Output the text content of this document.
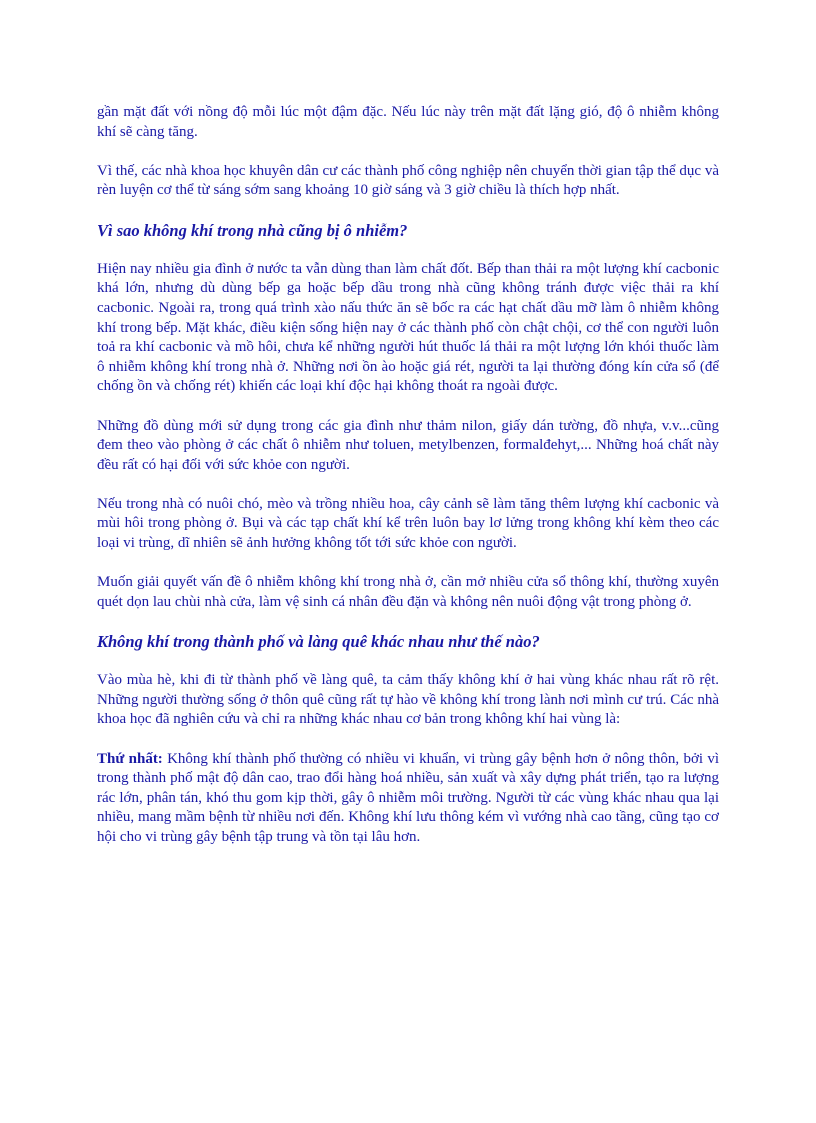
gần mặt đất với nồng độ mỗi lúc một đậm đặc. Nếu lúc này trên mặt đất lặng gió, độ ô nhiễm không khí sẽ càng tăng.

Vì thế, các nhà khoa học khuyên dân cư các thành phố công nghiệp nên chuyển thời gian tập thể dục và rèn luyện cơ thể từ sáng sớm sang khoảng 10 giờ sáng và 3 giờ chiều là thích hợp nhất.

Vì sao không khí trong nhà cũng bị ô nhiễm?

Hiện nay nhiều gia đình ở nước ta vẫn dùng than làm chất đốt. Bếp than thải ra một lượng khí cacbonic khá lớn, nhưng dù dùng bếp ga hoặc bếp dầu trong nhà cũng không tránh được việc thải ra khí cacbonic. Ngoài ra, trong quá trình xào nấu thức ăn sẽ bốc ra các hạt chất dầu mỡ làm ô nhiễm không khí trong bếp. Mặt khác, điều kiện sống hiện nay ở các thành phố còn chật chội, cơ thể con người luôn toả ra khí cacbonic và mồ hôi, chưa kể những người hút thuốc lá thải ra một lượng lớn khói thuốc làm ô nhiễm không khí trong nhà ở. Những nơi ồn ào hoặc giá rét, người ta lại thường đóng kín cửa sổ (để chống ồn và chống rét) khiến các loại khí độc hại không thoát ra ngoài được.

Những đồ dùng mới sử dụng trong các gia đình như thảm nilon, giấy dán tường, đồ nhựa, v.v...cũng đem theo vào phòng ở các chất ô nhiễm như toluen, metylbenzen, formalđehyt,... Những hoá chất này đều rất có hại đối với sức khỏe con người.

Nếu trong nhà có nuôi chó, mèo và trồng nhiều hoa, cây cảnh sẽ làm tăng thêm lượng khí cacbonic và mùi hôi trong phòng ở. Bụi và các tạp chất khí kể trên luôn bay lơ lửng trong không khí kèm theo các loại vi trùng, dĩ nhiên sẽ ảnh hưởng không tốt tới sức khỏe con người.

Muốn giải quyết vấn đề ô nhiễm không khí trong nhà ở, cần mở nhiều cửa sổ thông khí, thường xuyên quét dọn lau chùi nhà cửa, làm vệ sinh cá nhân đều đặn và không nên nuôi động vật trong phòng ở.

Không khí trong thành phố và làng quê khác nhau như thế nào?

Vào mùa hè, khi đi từ thành phố về làng quê, ta cảm thấy không khí ở hai vùng khác nhau rất rõ rệt. Những người thường sống ở thôn quê cũng rất tự hào về không khí trong lành nơi mình cư trú. Các nhà khoa học đã nghiên cứu và chỉ ra những khác nhau cơ bản trong không khí hai vùng là:

Thứ nhất: Không khí thành phố thường có nhiều vi khuẩn, vi trùng gây bệnh hơn ở nông thôn, bởi vì trong thành phố mật độ dân cao, trao đổi hàng hoá nhiều, sản xuất và xây dựng phát triển, tạo ra lượng rác lớn, phân tán, khó thu gom kịp thời, gây ô nhiễm môi trường. Người từ các vùng khác nhau qua lại nhiều, mang mầm bệnh từ nhiều nơi đến. Không khí lưu thông kém vì vướng nhà cao tầng, cũng tạo cơ hội cho vi trùng gây bệnh tập trung và tồn tại lâu hơn.
